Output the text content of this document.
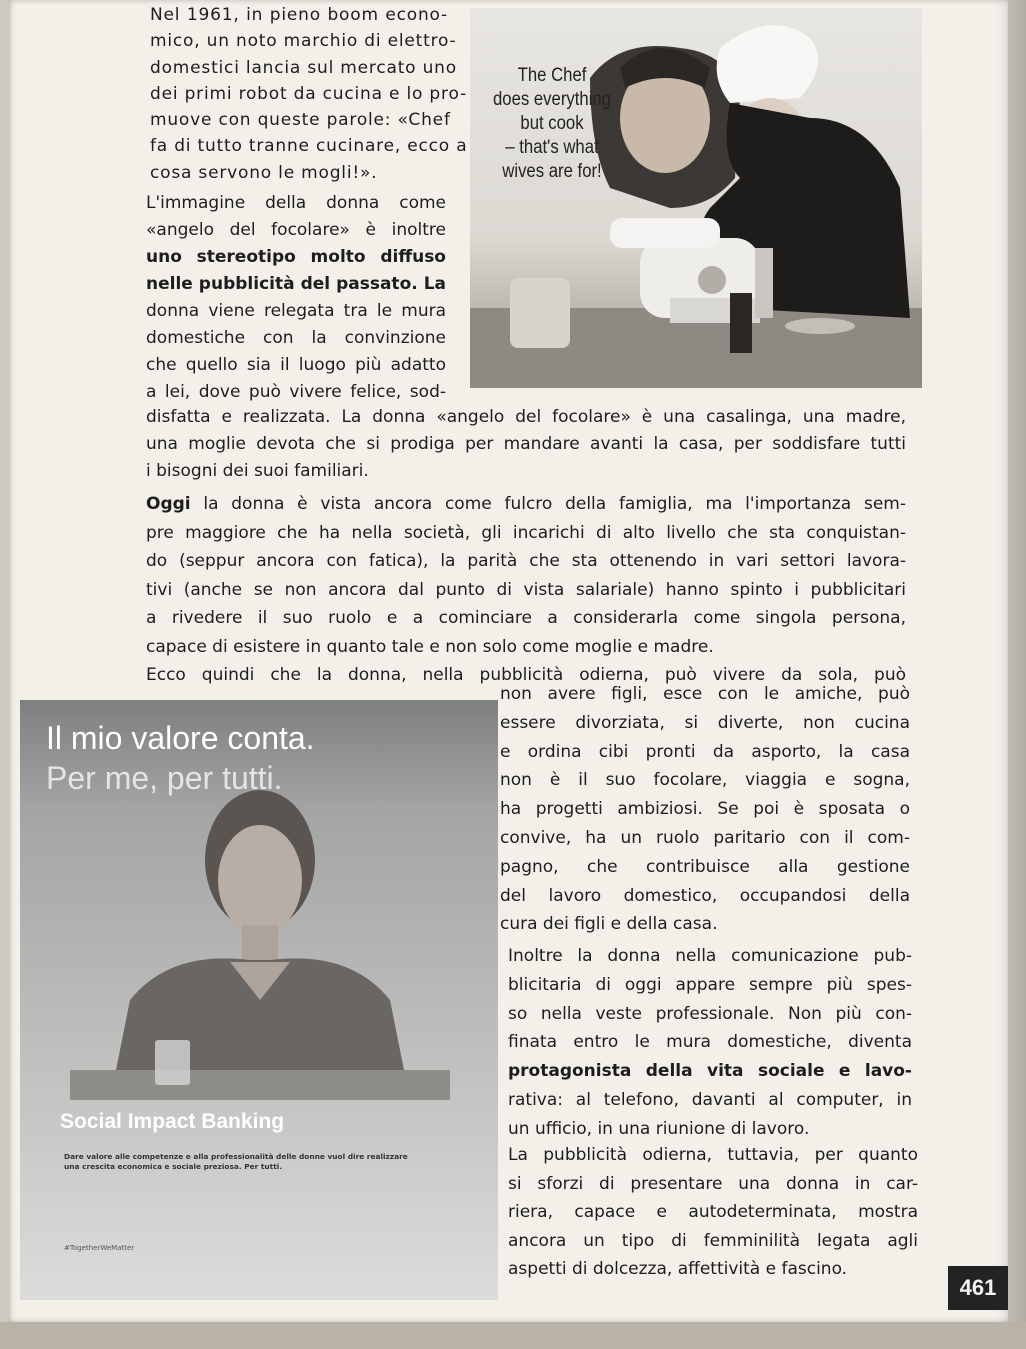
Nel 1961, in pieno boom econo-
mico, un noto marchio di elettro-
domestici lancia sul mercato uno
dei primi robot da cucina e lo pro-
muove con queste parole: «Chef
fa di tutto tranne cucinare, ecco a
cosa servono le mogli!».
The Chef
does everything
but cook
– that's what
wives are for!
L'immagine della donna come
«angelo del focolare» è inoltre
uno stereotipo molto diffuso
nelle pubblicità del passato. La
donna viene relegata tra le mura
domestiche con la convinzione
che quello sia il luogo più adatto
a lei, dove può vivere felice, sod-
disfatta e realizzata. La donna «angelo del focolare» è una casalinga, una madre,
una moglie devota che si prodiga per mandare avanti la casa, per soddisfare tutti
i bisogni dei suoi familiari.
Oggi la donna è vista ancora come fulcro della famiglia, ma l'importanza sem-
pre maggiore che ha nella società, gli incarichi di alto livello che sta conquistan-
do (seppur ancora con fatica), la parità che sta ottenendo in vari settori lavora-
tivi (anche se non ancora dal punto di vista salariale) hanno spinto i pubblicitari
a rivedere il suo ruolo e a cominciare a considerarla come singola persona,
capace di esistere in quanto tale e non solo come moglie e madre.
Ecco quindi che la donna, nella pubblicità odierna, può vivere da sola, può
Il mio valore conta.
Per me, per tutti.
Social Impact Banking
Dare valore alle competenze e alla professionalità delle donne vuol dire realizzare
una crescita economica e sociale preziosa. Per tutti.
#TogetherWeMatter
non avere figli, esce con le amiche, può
essere divorziata, si diverte, non cucina
e ordina cibi pronti da asporto, la casa
non è il suo focolare, viaggia e sogna,
ha progetti ambiziosi. Se poi è sposata o
convive, ha un ruolo paritario con il com-
pagno, che contribuisce alla gestione
del lavoro domestico, occupandosi della
cura dei figli e della casa.
Inoltre la donna nella comunicazione pub-
blicitaria di oggi appare sempre più spes-
so nella veste professionale. Non più con-
finata entro le mura domestiche, diventa
protagonista della vita sociale e lavo-
rativa: al telefono, davanti al computer, in
un ufficio, in una riunione di lavoro.
La pubblicità odierna, tuttavia, per quanto
si sforzi di presentare una donna in car-
riera, capace e autodeterminata, mostra
ancora un tipo di femminilità legata agli
aspetti di dolcezza, affettività e fascino.
461
